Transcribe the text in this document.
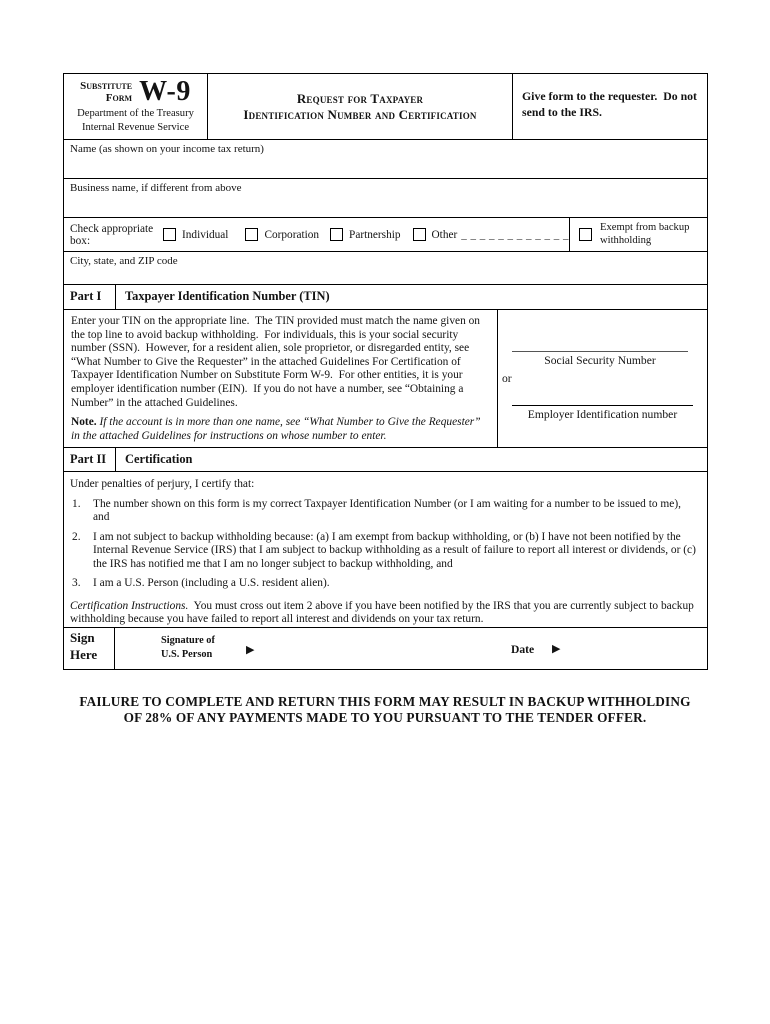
Substitute
Form W-9
Department of the Treasury
Internal Revenue Service
Request for Taxpayer
Identification Number and Certification
Give form to the requester.  Do not send to the IRS.
Name (as shown on your income tax return)
Business name, if different from above
Check appropriate box:	Individual	Corporation	Partnership	Other _ _ _ _ _ _ _ _ _ _ _ _
Exempt from backup withholding
City, state, and ZIP code
Part I	Taxpayer Identification Number (TIN)
Enter your TIN on the appropriate line.  The TIN provided must match the name given on the top line to avoid backup withholding.  For individuals, this is your social security number (SSN).  However, for a resident alien, sole proprietor, or disregarded entity, see “What Number to Give the Requester” in the attached Guidelines For Certification of Taxpayer Identification Number on Substitute Form W-9.  For other entities, it is your employer identification number (EIN).  If you do not have a number, see “Obtaining a Number” in the attached Guidelines.
Note. If the account is in more than one name, see “What Number to Give the Requester” in the attached Guidelines for instructions on whose number to enter.
Social Security Number
or
Employer Identification number
Part II	Certification
Under penalties of perjury, I certify that:
1.	The number shown on this form is my correct Taxpayer Identification Number (or I am waiting for a number to be issued to me), and
2.	I am not subject to backup withholding because: (a) I am exempt from backup withholding, or (b) I have not been notified by the Internal Revenue Service (IRS) that I am subject to backup withholding as a result of failure to report all interest or dividends, or (c) the IRS has notified me that I am no longer subject to backup withholding, and
3.	I am a U.S. Person (including a U.S. resident alien).
Certification Instructions. You must cross out item 2 above if you have been notified by the IRS that you are currently subject to backup withholding because you have failed to report all interest and dividends on your tax return.
Sign
Here
Signature of
U.S. Person	▶	Date ▶
FAILURE TO COMPLETE AND RETURN THIS FORM MAY RESULT IN BACKUP WITHHOLDING
OF 28% OF ANY PAYMENTS MADE TO YOU PURSUANT TO THE TENDER OFFER.
